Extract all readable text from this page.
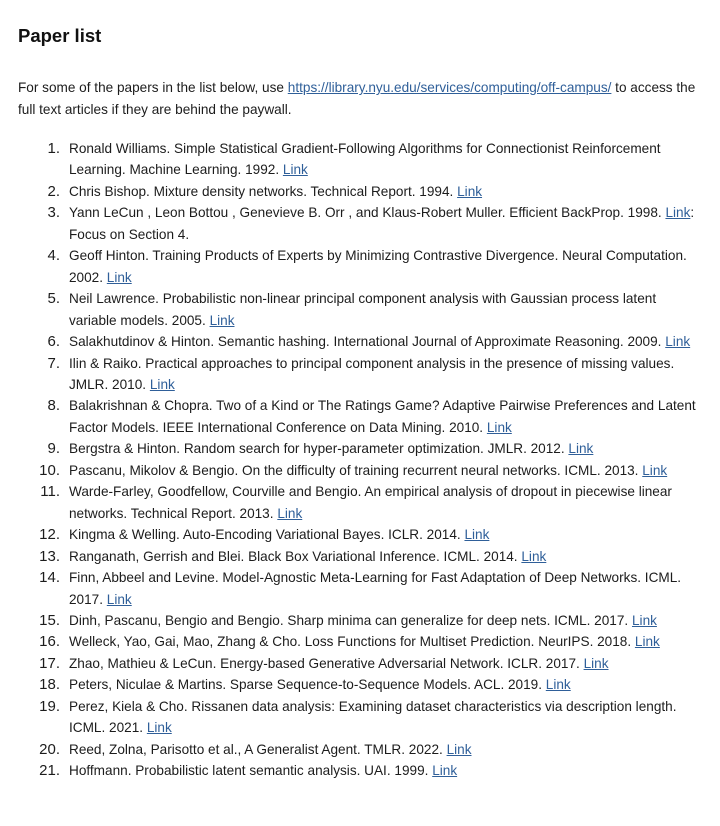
Paper list

For some of the papers in the list below, use https://library.nyu.edu/services/computing/off-campus/ to access the full text articles if they are behind the paywall.

1. Ronald Williams. Simple Statistical Gradient-Following Algorithms for Connectionist Reinforcement Learning. Machine Learning. 1992. Link
2. Chris Bishop. Mixture density networks. Technical Report. 1994. Link
3. Yann LeCun , Leon Bottou , Genevieve B. Orr , and Klaus-Robert Muller. Efficient BackProp. 1998. Link: Focus on Section 4.
4. Geoff Hinton. Training Products of Experts by Minimizing Contrastive Divergence. Neural Computation. 2002. Link
5. Neil Lawrence. Probabilistic non-linear principal component analysis with Gaussian process latent variable models. 2005. Link
6. Salakhutdinov & Hinton. Semantic hashing. International Journal of Approximate Reasoning. 2009. Link
7. Ilin & Raiko. Practical approaches to principal component analysis in the presence of missing values. JMLR. 2010. Link
8. Balakrishnan & Chopra. Two of a Kind or The Ratings Game? Adaptive Pairwise Preferences and Latent Factor Models. IEEE International Conference on Data Mining. 2010. Link
9. Bergstra & Hinton. Random search for hyper-parameter optimization. JMLR. 2012. Link
10. Pascanu, Mikolov & Bengio. On the difficulty of training recurrent neural networks. ICML. 2013. Link
11. Warde-Farley, Goodfellow, Courville and Bengio. An empirical analysis of dropout in piecewise linear networks. Technical Report. 2013. Link
12. Kingma & Welling. Auto-Encoding Variational Bayes. ICLR. 2014. Link
13. Ranganath, Gerrish and Blei. Black Box Variational Inference. ICML. 2014. Link
14. Finn, Abbeel and Levine. Model-Agnostic Meta-Learning for Fast Adaptation of Deep Networks. ICML. 2017. Link
15. Dinh, Pascanu, Bengio and Bengio. Sharp minima can generalize for deep nets. ICML. 2017. Link
16. Welleck, Yao, Gai, Mao, Zhang & Cho. Loss Functions for Multiset Prediction. NeurIPS. 2018. Link
17. Zhao, Mathieu & LeCun. Energy-based Generative Adversarial Network. ICLR. 2017. Link
18. Peters, Niculae & Martins. Sparse Sequence-to-Sequence Models. ACL. 2019. Link
19. Perez, Kiela & Cho. Rissanen data analysis: Examining dataset characteristics via description length. ICML. 2021. Link
20. Reed, Zolna, Parisotto et al., A Generalist Agent. TMLR. 2022. Link
21. Hoffmann. Probabilistic latent semantic analysis. UAI. 1999. Link
